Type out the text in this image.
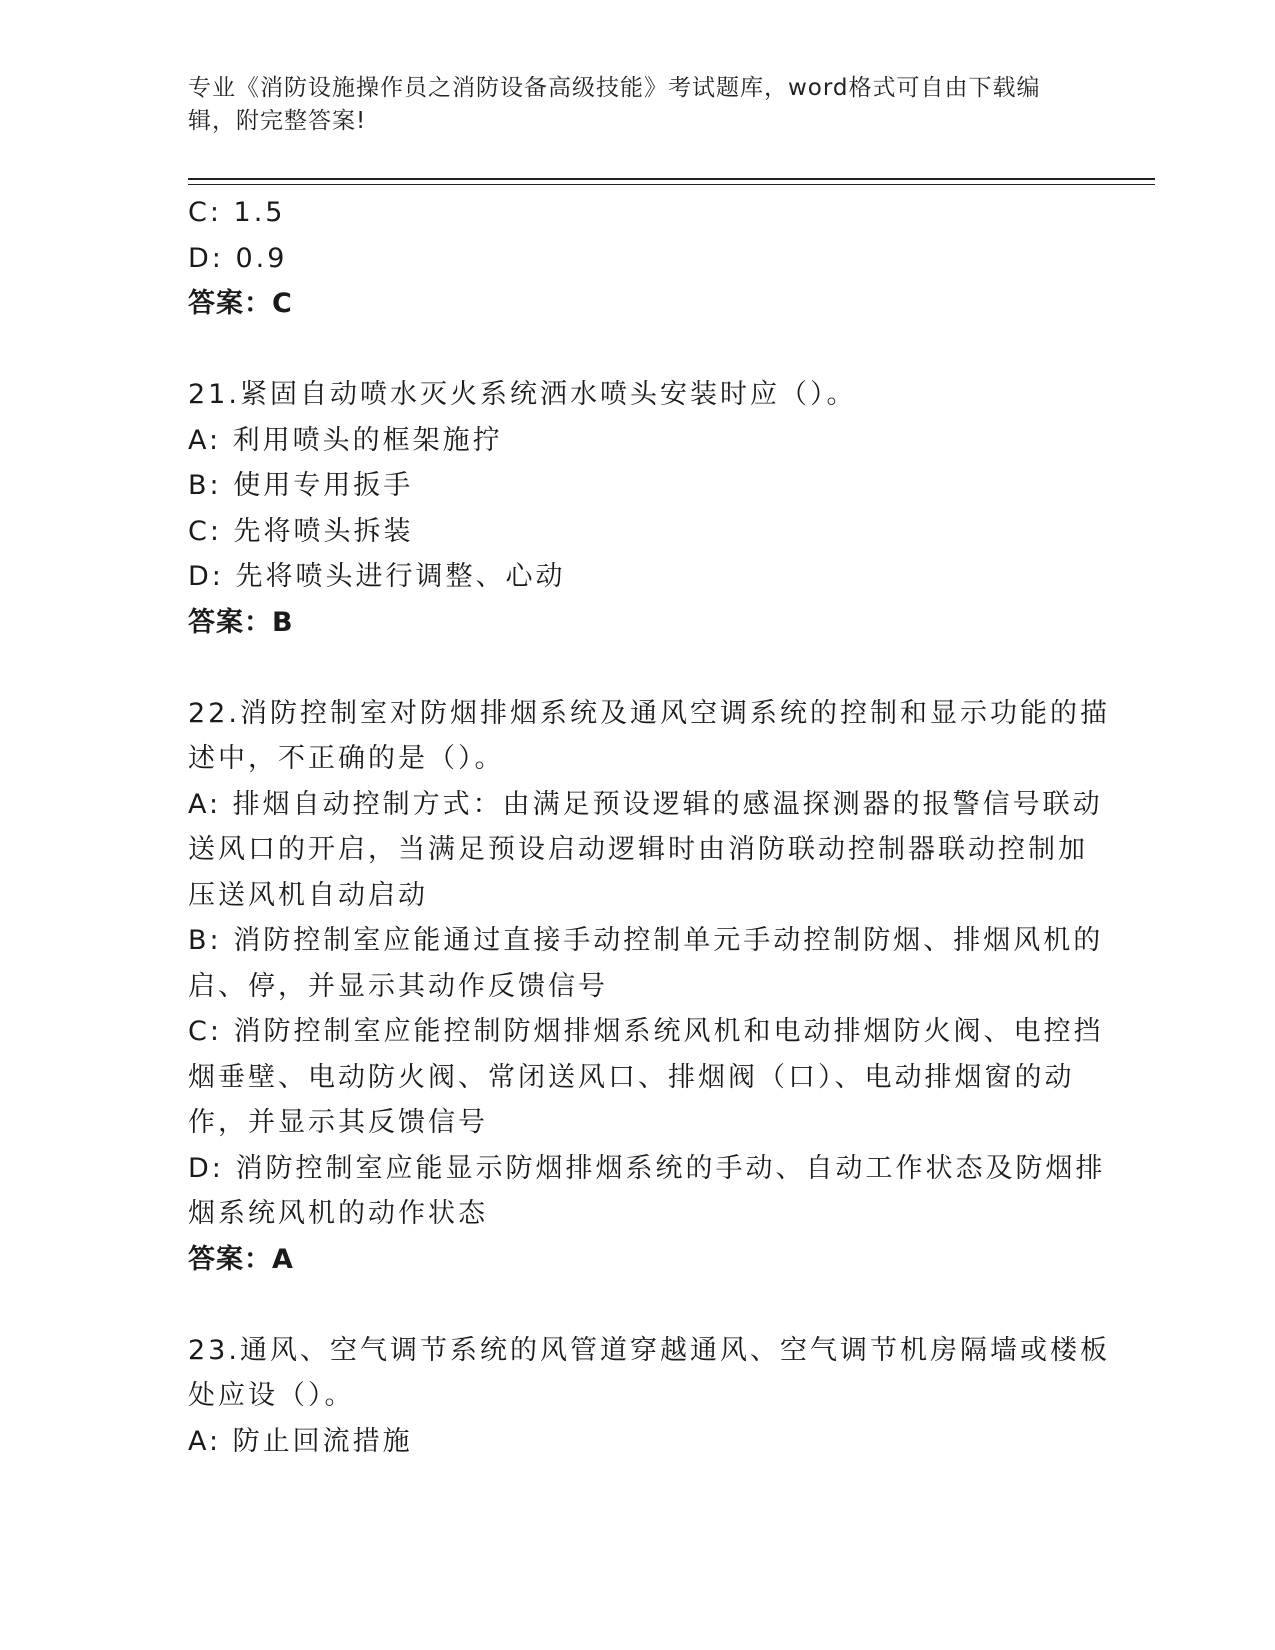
专业《消防设施操作员之消防设备高级技能》考试题库，word格式可自由下载编
辑，附完整答案!
C: 1.5
D: 0.9
答案：C
21.紧固自动喷水灭火系统洒水喷头安装时应（）。
A: 利用喷头的框架施拧
B: 使用专用扳手
C: 先将喷头拆装
D: 先将喷头进行调整、心动
答案：B
22.消防控制室对防烟排烟系统及通风空调系统的控制和显示功能的描
述中，不正确的是（）。
A: 排烟自动控制方式：由满足预设逻辑的感温探测器的报警信号联动
送风口的开启，当满足预设启动逻辑时由消防联动控制器联动控制加
压送风机自动启动
B: 消防控制室应能通过直接手动控制单元手动控制防烟、排烟风机的
启、停，并显示其动作反馈信号
C: 消防控制室应能控制防烟排烟系统风机和电动排烟防火阀、电控挡
烟垂壁、电动防火阀、常闭送风口、排烟阀（口）、电动排烟窗的动
作，并显示其反馈信号
D: 消防控制室应能显示防烟排烟系统的手动、自动工作状态及防烟排
烟系统风机的动作状态
答案：A
23.通风、空气调节系统的风管道穿越通风、空气调节机房隔墙或楼板
处应设（）。
A: 防止回流措施
